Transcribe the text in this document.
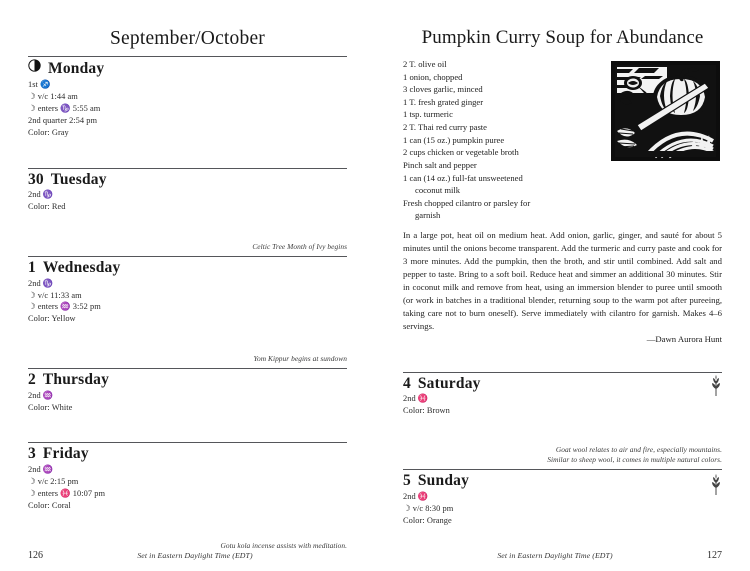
September/October
Monday
1st ♐
☽ v/c 1:44 am
☽ enters ♑ 5:55 am
2nd quarter 2:54 pm
Color: Gray
30 Tuesday
2nd ♑
Color: Red
Celtic Tree Month of Ivy begins
1 Wednesday
2nd ♑
☽ v/c 11:33 am
☽ enters ♒ 3:52 pm
Color: Yellow
Yom Kippur begins at sundown
2 Thursday
2nd ♒
Color: White
3 Friday
2nd ♒
☽ v/c 2:15 pm
☽ enters ♓ 10:07 pm
Color: Coral
Gotu kola incense assists with meditation.
126	Set in Eastern Daylight Time (EDT)
Pumpkin Curry Soup for Abundance
2 T. olive oil
1 onion, chopped
3 cloves garlic, minced
1 T. fresh grated ginger
1 tsp. turmeric
2 T. Thai red curry paste
1 can (15 oz.) pumpkin puree
2 cups chicken or vegetable broth
Pinch salt and pepper
1 can (14 oz.) full-fat unsweetened
coconut milk
Fresh chopped cilantro or parsley for
garnish
In a large pot, heat oil on medium heat. Add onion, garlic, ginger, and sauté for about 5 minutes until the onions become transparent. Add the turmeric and curry paste and cook for 3 more minutes. Add the pumpkin, then the broth, and stir until combined. Add salt and pepper to taste. Bring to a soft boil. Reduce heat and simmer an additional 30 minutes. Stir in coconut milk and remove from heat, using an immersion blender to puree until smooth (or work in batches in a traditional blender, returning soup to the warm pot after pureeing, taking care not to burn oneself). Serve immediately with cilantro for garnish. Makes 4–6 servings.
—Dawn Aurora Hunt
4 Saturday
2nd ♓
Color: Brown
Goat wool relates to air and fire, especially mountains.
Similar to sheep wool, it comes in multiple natural colors.
5 Sunday
2nd ♓
☽ v/c 8:30 pm
Color: Orange
Set in Eastern Daylight Time (EDT)	127
